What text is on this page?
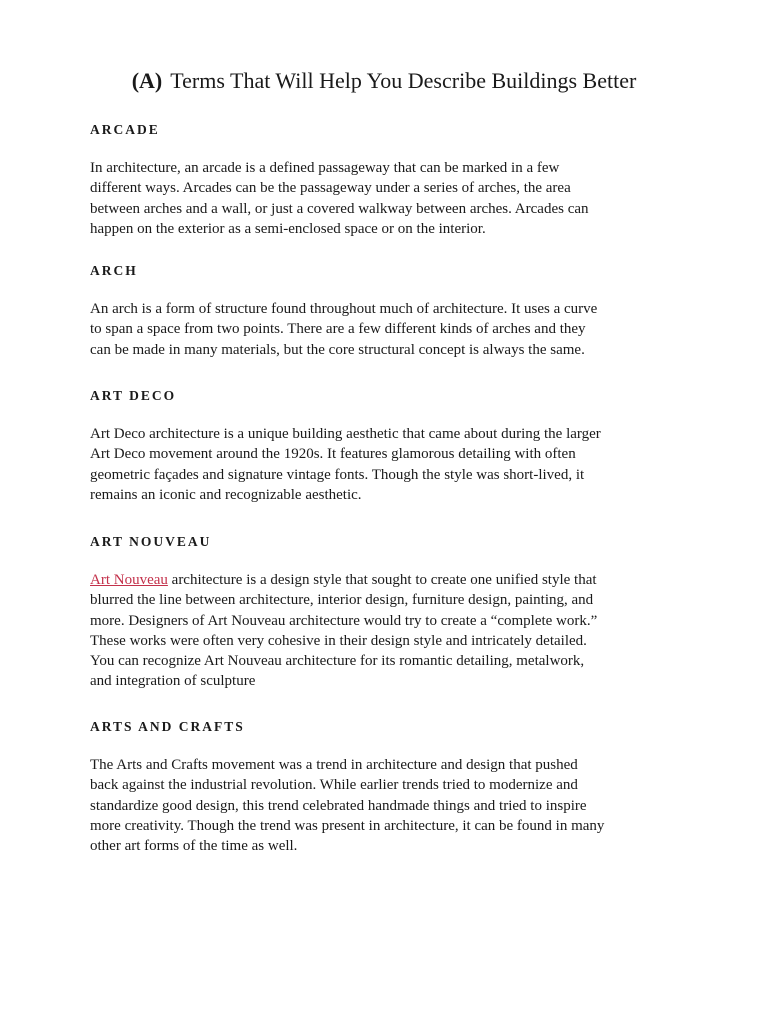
(A) Terms That Will Help You Describe Buildings Better
ARCADE

In architecture, an arcade is a defined passageway that can be marked in a few
different ways. Arcades can be the passageway under a series of arches, the area
between arches and a wall, or just a covered walkway between arches. Arcades can
happen on the exterior as a semi-enclosed space or on the interior.

ARCH

An arch is a form of structure found throughout much of architecture. It uses a curve
to span a space from two points. There are a few different kinds of arches and they
can be made in many materials, but the core structural concept is always the same.

ART DECO

Art Deco architecture is a unique building aesthetic that came about during the larger
Art Deco movement around the 1920s. It features glamorous detailing with often
geometric façades and signature vintage fonts. Though the style was short-lived, it
remains an iconic and recognizable aesthetic.

ART NOUVEAU

Art Nouveau architecture is a design style that sought to create one unified style that
blurred the line between architecture, interior design, furniture design, painting, and
more. Designers of Art Nouveau architecture would try to create a “complete work.”
These works were often very cohesive in their design style and intricately detailed.
You can recognize Art Nouveau architecture for its romantic detailing, metalwork,
and integration of sculpture

ARTS AND CRAFTS

The Arts and Crafts movement was a trend in architecture and design that pushed
back against the industrial revolution. While earlier trends tried to modernize and
standardize good design, this trend celebrated handmade things and tried to inspire
more creativity. Though the trend was present in architecture, it can be found in many
other art forms of the time as well.
